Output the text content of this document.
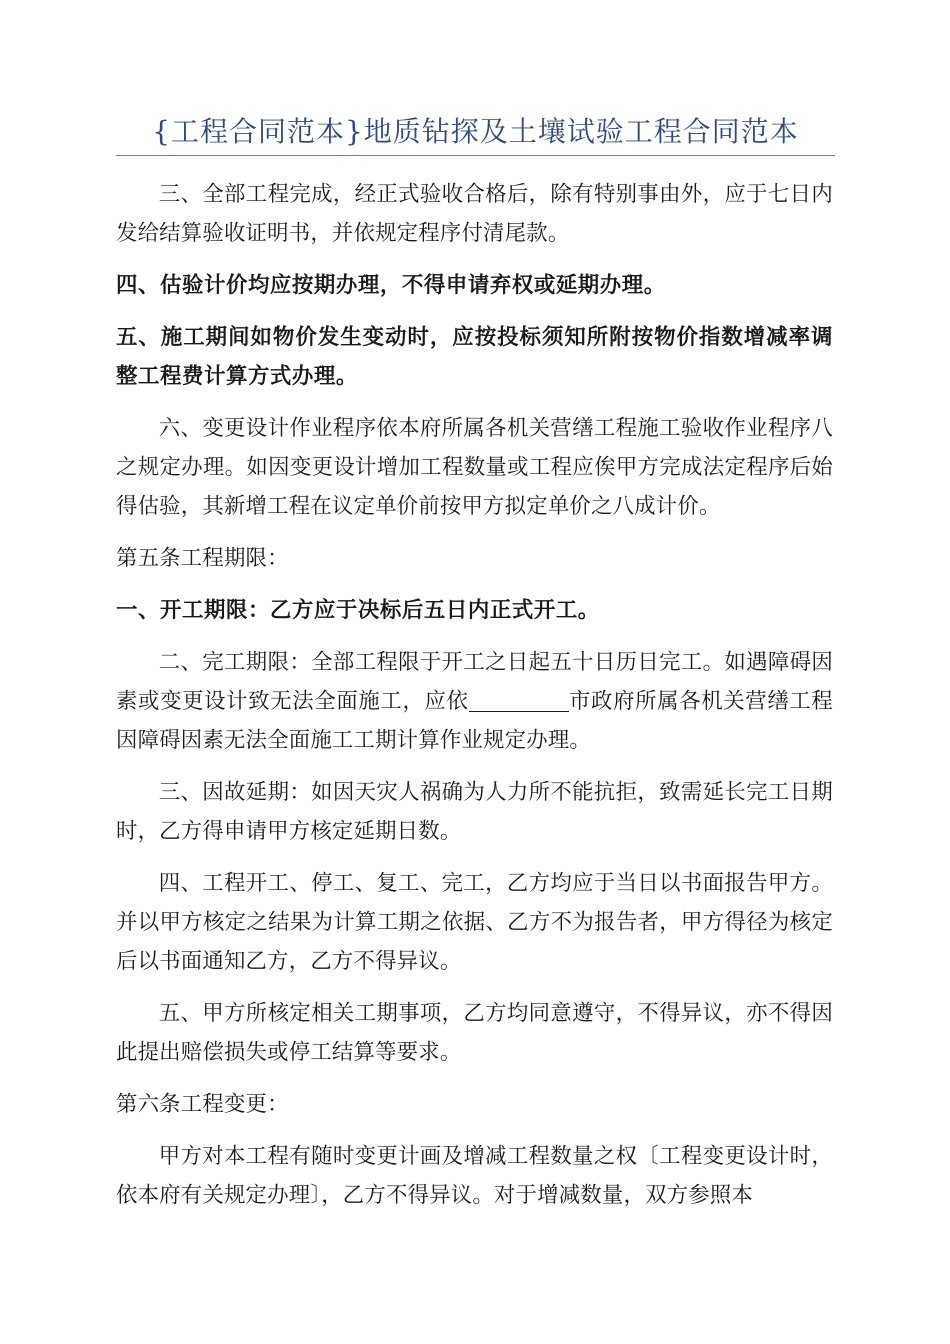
{工程合同范本}地质钻探及土壤试验工程合同范本

三、全部工程完成，经正式验收合格后，除有特别事由外，应于七日内发给结算验收证明书，并依规定程序付清尾款。

四、估验计价均应按期办理，不得申请弃权或延期办理。

五、施工期间如物价发生变动时，应按投标须知所附按物价指数增减率调整工程费计算方式办理。

六、变更设计作业程序依本府所属各机关营缮工程施工验收作业程序八之规定办理。如因变更设计增加工程数量或工程应俟甲方完成法定程序后始得估验，其新增工程在议定单价前按甲方拟定单价之八成计价。

第五条工程期限：

一、开工期限：乙方应于决标后五日内正式开工。

二、完工期限：全部工程限于开工之日起五十日历日完工。如遇障碍因素或变更设计致无法全面施工，应依	市政府所属各机关营缮工程因障碍因素无法全面施工工期计算作业规定办理。

三、因故延期：如因天灾人祸确为人力所不能抗拒，致需延长完工日期时，乙方得申请甲方核定延期日数。

四、工程开工、停工、复工、完工，乙方均应于当日以书面报告甲方。并以甲方核定之结果为计算工期之依据、乙方不为报告者，甲方得径为核定后以书面通知乙方，乙方不得异议。

五、甲方所核定相关工期事项，乙方均同意遵守，不得异议，亦不得因此提出赔偿损失或停工结算等要求。

第六条工程变更：

甲方对本工程有随时变更计画及增减工程数量之权〔工程变更设计时，依本府有关规定办理〕，乙方不得异议。对于增减数量，双方参照本
